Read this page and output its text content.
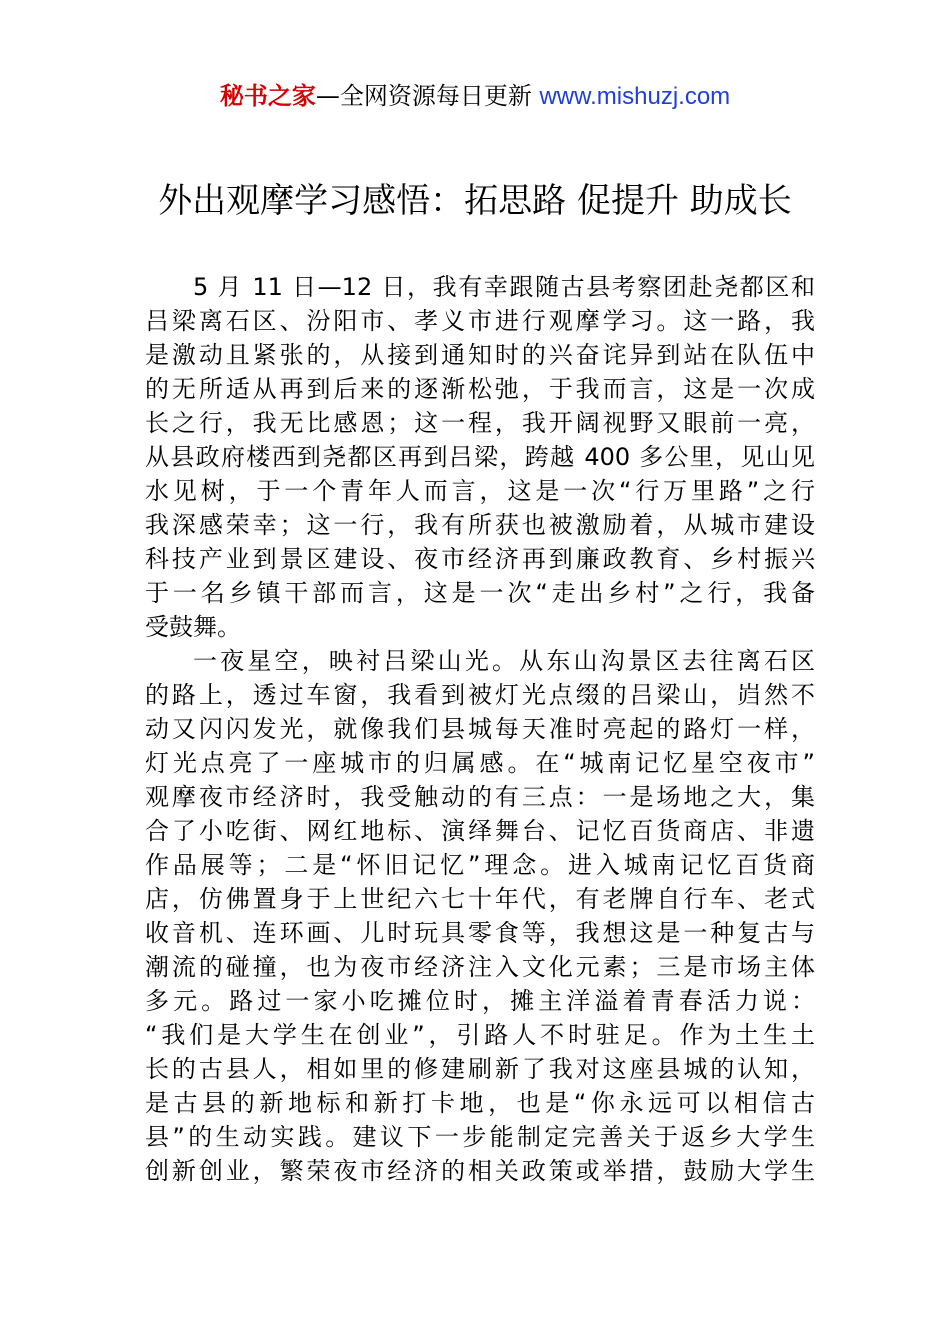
秘书之家—全网资源每日更新 www.mishuzj.com
外出观摩学习感悟：拓思路 促提升 助成长
5 月 11 日—12 日，我有幸跟随古县考察团赴尧都区和
吕梁离石区、汾阳市、孝义市进行观摩学习。这一路，我
是激动且紧张的，从接到通知时的兴奋诧异到站在队伍中
的无所适从再到后来的逐渐松弛，于我而言，这是一次成
长之行，我无比感恩；这一程，我开阔视野又眼前一亮，
从县政府楼西到尧都区再到吕梁，跨越 400 多公里，见山见
水见树，于一个青年人而言，这是一次“行万里路”之行
我深感荣幸；这一行，我有所获也被激励着，从城市建设
科技产业到景区建设、夜市经济再到廉政教育、乡村振兴
于一名乡镇干部而言，这是一次“走出乡村”之行，我备
受鼓舞。
一夜星空，映衬吕梁山光。从东山沟景区去往离石区
的路上，透过车窗，我看到被灯光点缀的吕梁山，岿然不
动又闪闪发光，就像我们县城每天准时亮起的路灯一样，
灯光点亮了一座城市的归属感。在“城南记忆星空夜市”
观摩夜市经济时，我受触动的有三点：一是场地之大，集
合了小吃街、网红地标、演绎舞台、记忆百货商店、非遗
作品展等；二是“怀旧记忆”理念。进入城南记忆百货商
店，仿佛置身于上世纪六七十年代，有老牌自行车、老式
收音机、连环画、儿时玩具零食等，我想这是一种复古与
潮流的碰撞，也为夜市经济注入文化元素；三是市场主体
多元。路过一家小吃摊位时，摊主洋溢着青春活力说：
“我们是大学生在创业”，引路人不时驻足。作为土生土
长的古县人，相如里的修建刷新了我对这座县城的认知，
是古县的新地标和新打卡地，也是“你永远可以相信古
县”的生动实践。建议下一步能制定完善关于返乡大学生
创新创业，繁荣夜市经济的相关政策或举措，鼓励大学生
